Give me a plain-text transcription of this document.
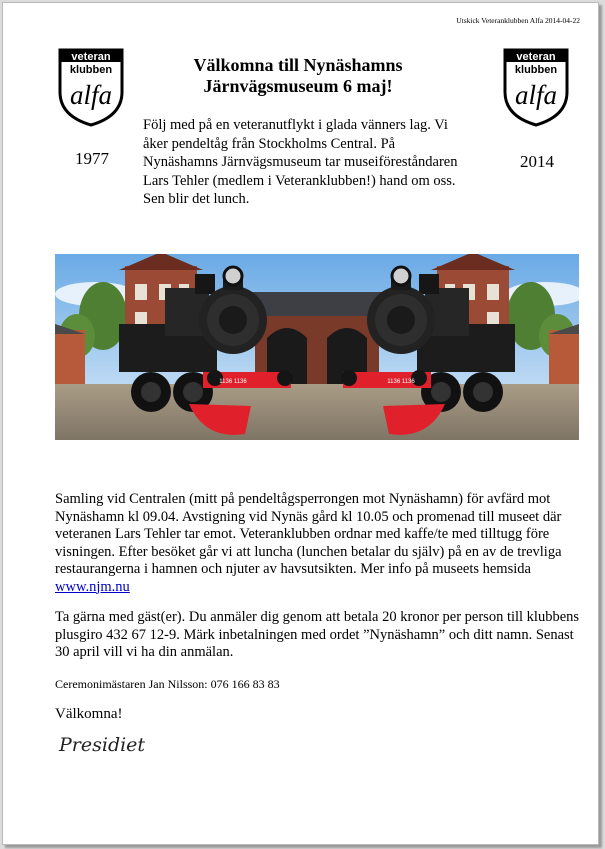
Utskick Veteranklubben Alfa 2014-04-22
veteran
klubben
alfa
veteran
klubben
alfa
1977	2014
Välkomna till Nynäshamns
Järnvägsmuseum 6 maj!
Följ med på en veteranutflykt i glada vänners lag. Vi åker pendeltåg från Stockholms Central. På Nynäshamns Järnvägsmuseum tar museiföreståndaren Lars Tehler (medlem i Veteranklubben!) hand om oss. Sen blir det lunch.
1136 1136	1136 1136
Samling vid Centralen (mitt på pendeltågsperrongen mot Nynäshamn) för avfärd mot Nynäshamn kl 09.04. Avstigning vid Nynäs gård kl 10.05 och promenad till museet där veteranen Lars Tehler tar emot. Veteranklubben ordnar med kaffe/te med tilltugg före visningen. Efter besöket går vi att luncha (lunchen betalar du själv) på en av de trevliga restaurangerna i hamnen och njuter av havsutsikten. Mer info på museets hemsida www.njm.nu
Ta gärna med gäst(er). Du anmäler dig genom att betala 20 kronor per person till klubbens plusgiro 432 67 12-9. Märk inbetalningen med ordet ”Nynäshamn” och ditt namn. Senast 30 april vill vi ha din anmälan.
Ceremonimästaren Jan Nilsson: 076 166 83 83
Välkomna!
Presidiet
